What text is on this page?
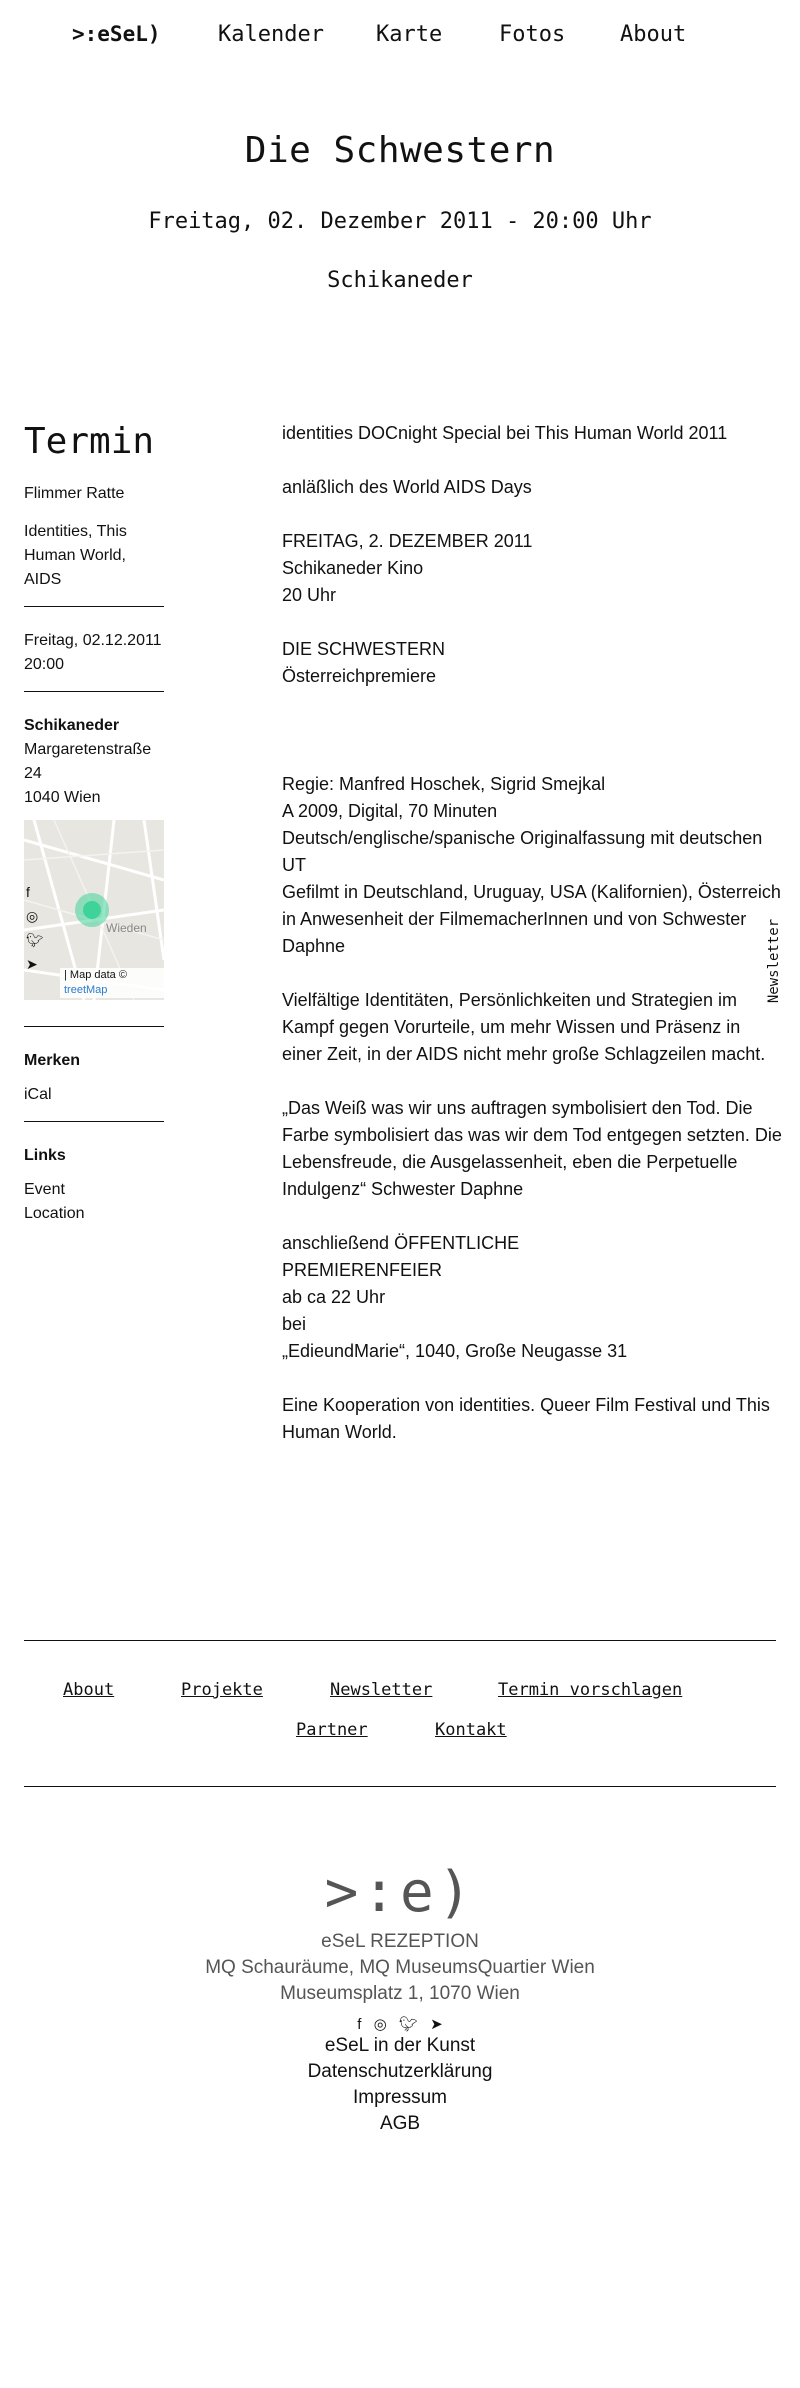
>:eSeL)	Kalender Karte	Fotos About
Die Schwestern
Freitag, 02. Dezember 2011 - 20:00 Uhr
Schikaneder
Termin
Flimmer Ratte
Identities, This Human World, AIDS
Freitag, 02.12.2011
20:00
Schikaneder
Margaretenstraße 24
1040 Wien
Wieden
f
◎
🐦︎
➤
| Map data ©
treetMap
Merken
iCal
Links
Event
Location

identities DOCnight Special bei This Human World 2011

anläßlich des World AIDS Days

FREITAG, 2. DEZEMBER 2011
Schikaneder Kino
20 Uhr

DIE SCHWESTERN
Österreichpremiere

Regie: Manfred Hoschek, Sigrid Smejkal
A 2009, Digital, 70 Minuten
Deutsch/englische/spanische Originalfassung mit deutschen UT
Gefilmt in Deutschland, Uruguay, USA (Kalifornien), Österreich
in Anwesenheit der FilmemacherInnen und von Schwester Daphne

Vielfältige Identitäten, Persönlichkeiten und Strategien im Kampf gegen Vorurteile, um mehr Wissen und Präsenz in einer Zeit, in der AIDS nicht mehr große Schlagzeilen macht.

„Das Weiß was wir uns auftragen symbolisiert den Tod. Die Farbe symbolisiert das was wir dem Tod entgegen setzten. Die Lebensfreude, die Ausgelassenheit, eben die Perpetuelle Indulgenz“ Schwester Daphne

anschließend ÖFFENTLICHE
PREMIERENFEIER
ab ca 22 Uhr
bei
„EdieundMarie“, 1040, Große Neugasse 31

Eine Kooperation von identities. Queer Film Festival und This Human World.

Newsletter
About	Projekte	Newsletter	Termin vorschlagen
Partner	Kontakt
>:e)
eSeL REZEPTION
MQ Schauräume, MQ MuseumsQuartier Wien
Museumsplatz 1, 1070 Wien
f ◎ 🐦︎ ➤
eSeL in der Kunst
Datenschutzerklärung
Impressum
AGB
